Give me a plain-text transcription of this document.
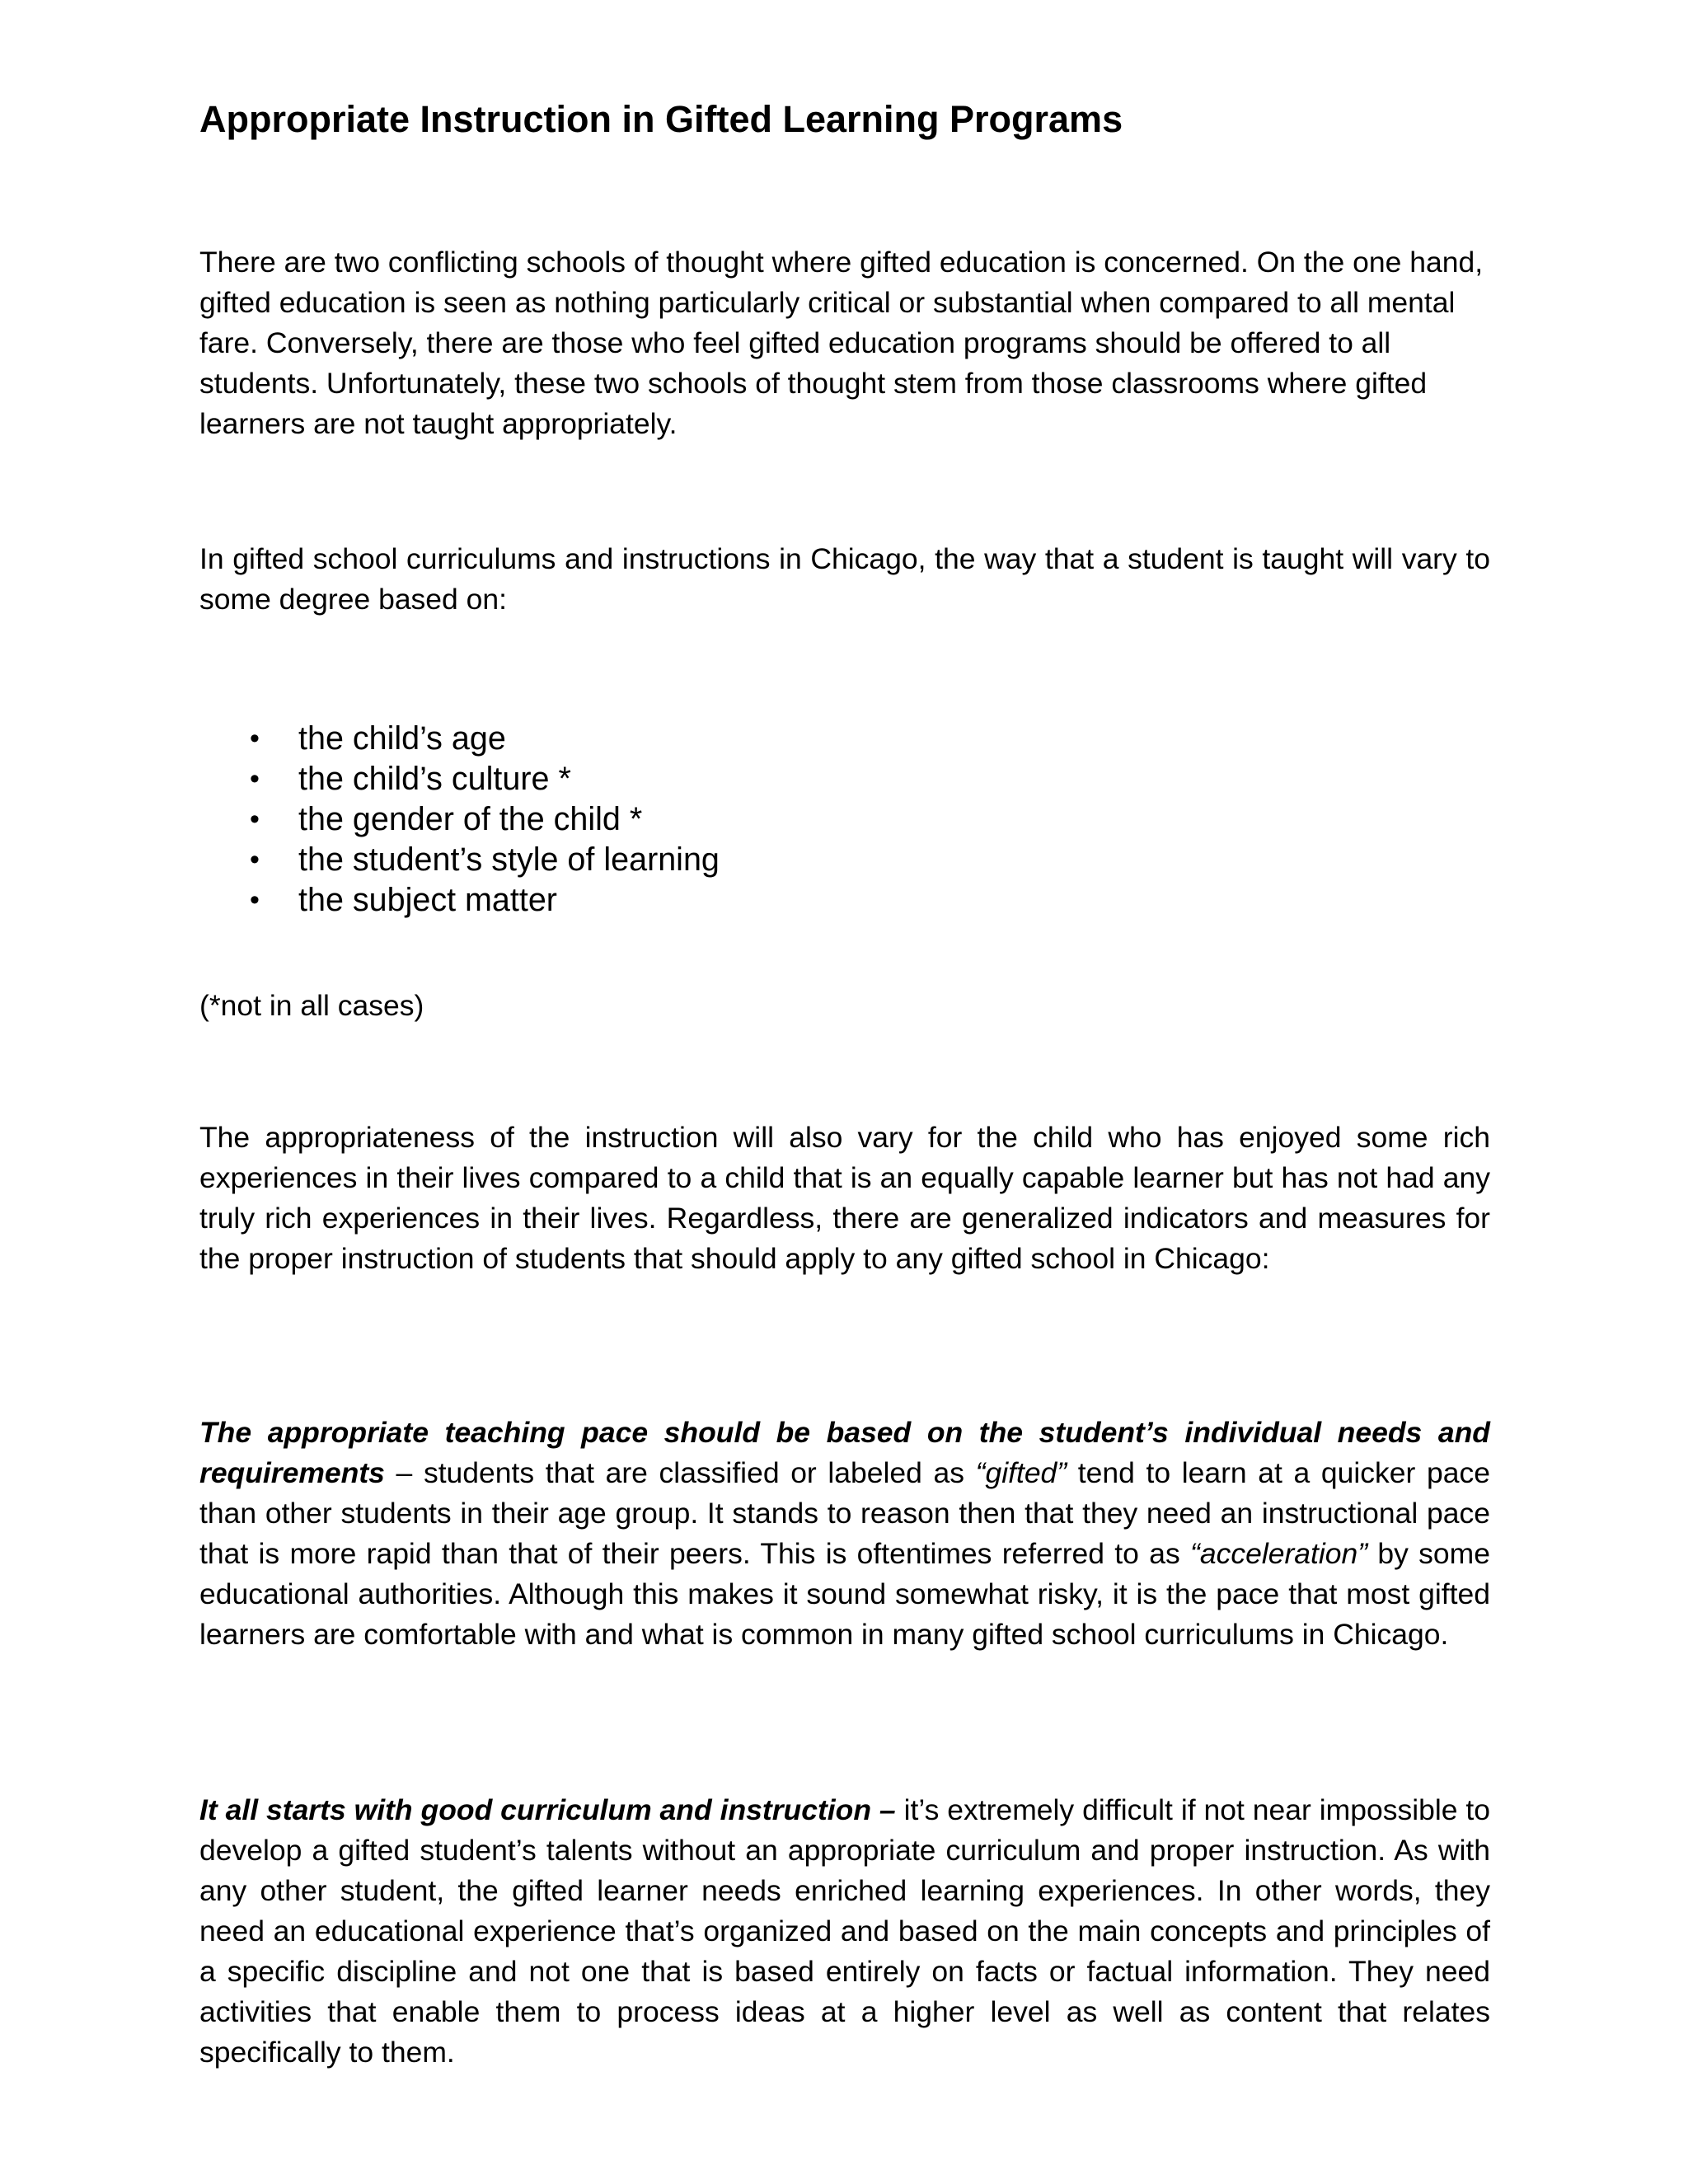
Appropriate Instruction in Gifted Learning Programs

There are two conflicting schools of thought where gifted education is concerned. On the one hand, gifted education is seen as nothing particularly critical or substantial when compared to all mental fare. Conversely, there are those who feel gifted education programs should be offered to all students. Unfortunately, these two schools of thought stem from those classrooms where gifted learners are not taught appropriately.

In gifted school curriculums and instructions in Chicago, the way that a student is taught will vary to some degree based on:

• the child’s age
• the child’s culture *
• the gender of the child *
• the student’s style of learning
• the subject matter

(*not in all cases)

The appropriateness of the instruction will also vary for the child who has enjoyed some rich experiences in their lives compared to a child that is an equally capable learner but has not had any truly rich experiences in their lives. Regardless, there are generalized indicators and measures for the proper instruction of students that should apply to any gifted school in Chicago:

The appropriate teaching pace should be based on the student’s individual needs and requirements – students that are classified or labeled as “gifted” tend to learn at a quicker pace than other students in their age group. It stands to reason then that they need an instructional pace that is more rapid than that of their peers. This is oftentimes referred to as “acceleration” by some educational authorities. Although this makes it sound somewhat risky, it is the pace that most gifted learners are comfortable with and what is common in many gifted school curriculums in Chicago.

It all starts with good curriculum and instruction – it’s extremely difficult if not near impossible to develop a gifted student’s talents without an appropriate curriculum and proper instruction. As with any other student, the gifted learner needs enriched learning experiences. In other words, they need an educational experience that’s organized and based on the main concepts and principles of a specific discipline and not one that is based entirely on facts or factual information. They need activities that enable them to process ideas at a higher level as well as content that relates specifically to them.
